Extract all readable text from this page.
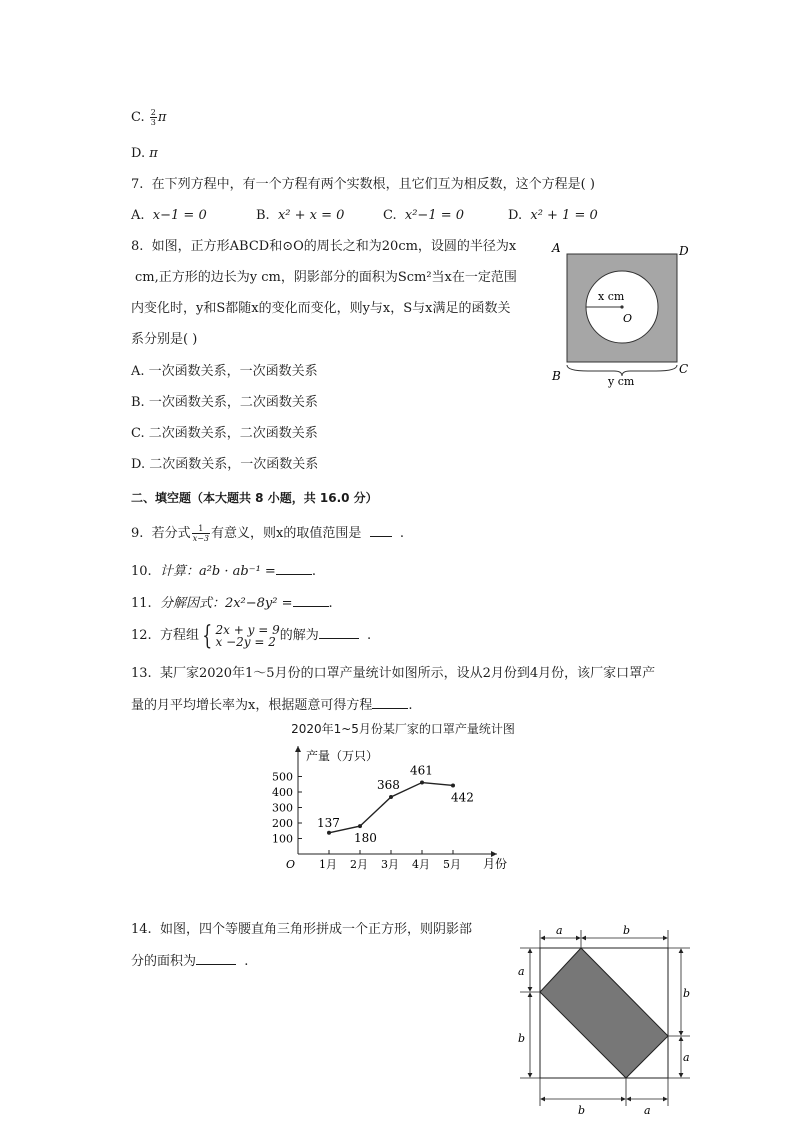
C. $\frac{2}{3}$ π
D. π
7. 在下列方程中，有一个方程有两个实数根，且它们互为相反数，这个方程是( )
A. x−1 = 0	B. x² + x = 0	C. x²−1 = 0	D. x² + 1 = 0
8. 如图，正方形ABCD和⊙O的周长之和为20cm，设圆的半径为x
cm,正方形的边长为y cm，阴影部分的面积为Scm²当x在一定范围
内变化时，y和S都随x的变化而变化，则y与x，S与x满足的函数关
系分别是( )
A. 一次函数关系，一次函数关系
B. 一次函数关系，二次函数关系
C. 二次函数关系，二次函数关系
D. 二次函数关系，一次函数关系
A	D
B	C
O
x cm
y cm
二、填空题（本大题共 8 小题，共 16.0 分）
9. 若分式 $\frac{1}{x-3}$ 有意义，则x的取值范围是	.
10. 计算：a²b · ab⁻¹ =	.
11. 分解因式：2x²−8y² =	.
12. 方程组 { 2x + y = 9
x −2y = 2 的解为	.
13. 某厂家2020年1～5月份的口罩产量统计如图所示，设从2月份到4月份，该厂家口罩产
量的月平均增长率为x，根据题意可得方程	.
2020年1~5月份某厂家的口罩产量统计图
产量（万只）
月份
O
100
200
300
400
500
1月 2月 3月 4月 5月
137
180
368
461
442
14. 如图，四个等腰直角三角形拼成一个正方形，则阴影部
分的面积为	.
a	b
b	a
a
b
b
a
